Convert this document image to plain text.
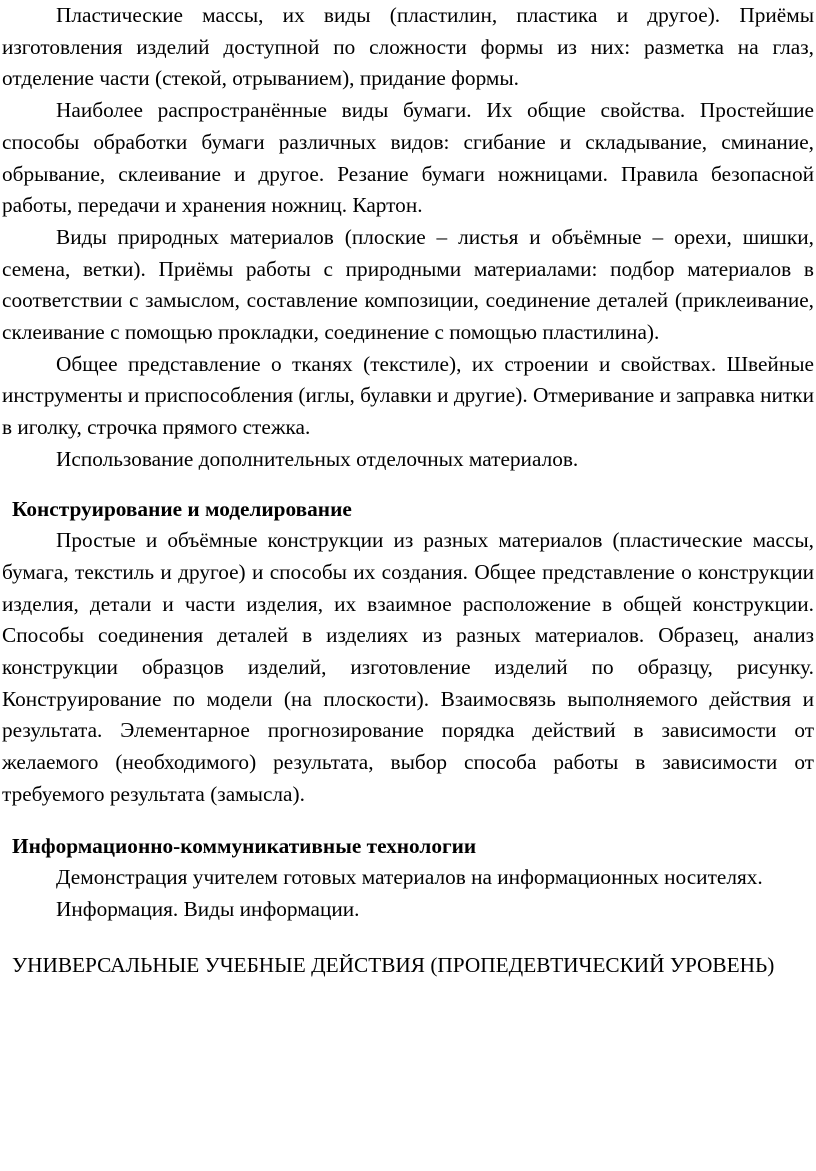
Пластические массы, их виды (пластилин, пластика и другое). Приёмы изготовления изделий доступной по сложности формы из них: разметка на глаз, отделение части (стекой, отрыванием), придание формы.

Наиболее распространённые виды бумаги. Их общие свойства. Простейшие способы обработки бумаги различных видов: сгибание и складывание, сминание, обрывание, склеивание и другое. Резание бумаги ножницами. Правила безопасной работы, передачи и хранения ножниц. Картон.

Виды природных материалов (плоские – листья и объёмные – орехи, шишки, семена, ветки). Приёмы работы с природными материалами: подбор материалов в соответствии с замыслом, составление композиции, соединение деталей (приклеивание, склеивание с помощью прокладки, соединение с помощью пластилина).

Общее представление о тканях (текстиле), их строении и свойствах. Швейные инструменты и приспособления (иглы, булавки и другие). Отмеривание и заправка нитки в иголку, строчка прямого стежка.

Использование дополнительных отделочных материалов.

Конструирование и моделирование

Простые и объёмные конструкции из разных материалов (пластические массы, бумага, текстиль и другое) и способы их создания. Общее представление о конструкции изделия, детали и части изделия, их взаимное расположение в общей конструкции. Способы соединения деталей в изделиях из разных материалов. Образец, анализ конструкции образцов изделий, изготовление изделий по образцу, рисунку. Конструирование по модели (на плоскости). Взаимосвязь выполняемого действия и результата. Элементарное прогнозирование порядка действий в зависимости от желаемого (необходимого) результата, выбор способа работы в зависимости от требуемого результата (замысла).

Информационно-коммуникативные технологии

Демонстрация учителем готовых материалов на информационных носителях.

Информация. Виды информации.

УНИВЕРСАЛЬНЫЕ УЧЕБНЫЕ ДЕЙСТВИЯ (ПРОПЕДЕВТИЧЕСКИЙ УРОВЕНЬ)
